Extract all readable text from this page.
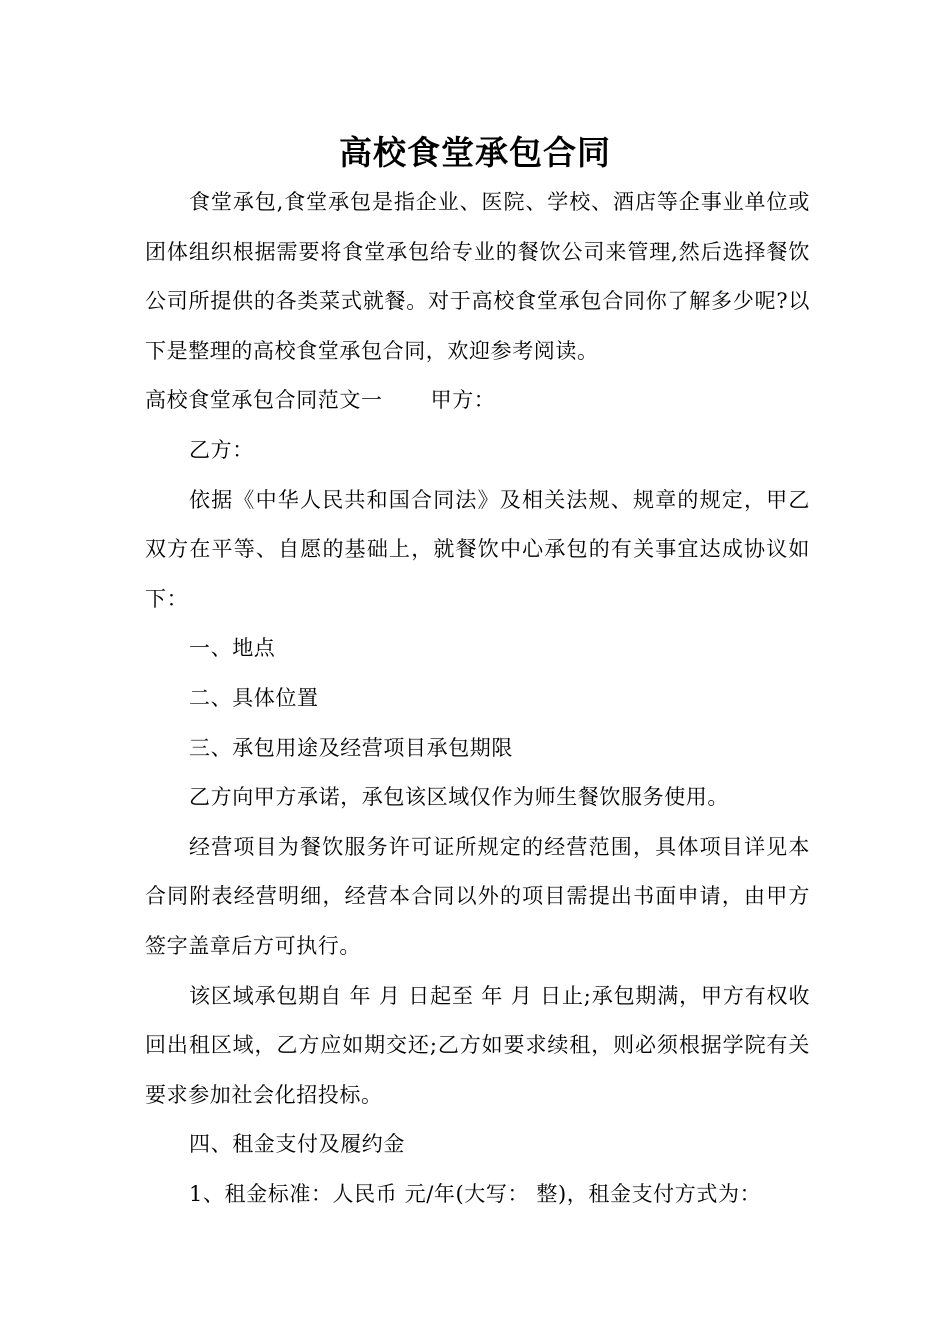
高校食堂承包合同

食堂承包,食堂承包是指企业、医院、学校、酒店等企事业单位或团体组织根据需要将食堂承包给专业的餐饮公司来管理,然后选择餐饮公司所提供的各类菜式就餐。对于高校食堂承包合同你了解多少呢?以下是整理的高校食堂承包合同，欢迎参考阅读。

高校食堂承包合同范文一 甲方：

乙方：

依据《中华人民共和国合同法》及相关法规、规章的规定，甲乙双方在平等、自愿的基础上，就餐饮中心承包的有关事宜达成协议如下：

一、地点

二、具体位置

三、承包用途及经营项目承包期限

乙方向甲方承诺，承包该区域仅作为师生餐饮服务使用。

经营项目为餐饮服务许可证所规定的经营范围，具体项目详见本合同附表经营明细，经营本合同以外的项目需提出书面申请，由甲方签字盖章后方可执行。

该区域承包期自 年 月 日起至 年 月 日止;承包期满，甲方有权收回出租区域，乙方应如期交还;乙方如要求续租，则必须根据学院有关要求参加社会化招投标。

四、租金支付及履约金

1、租金标准：人民币 元/年(大写： 整)，租金支付方式为：
